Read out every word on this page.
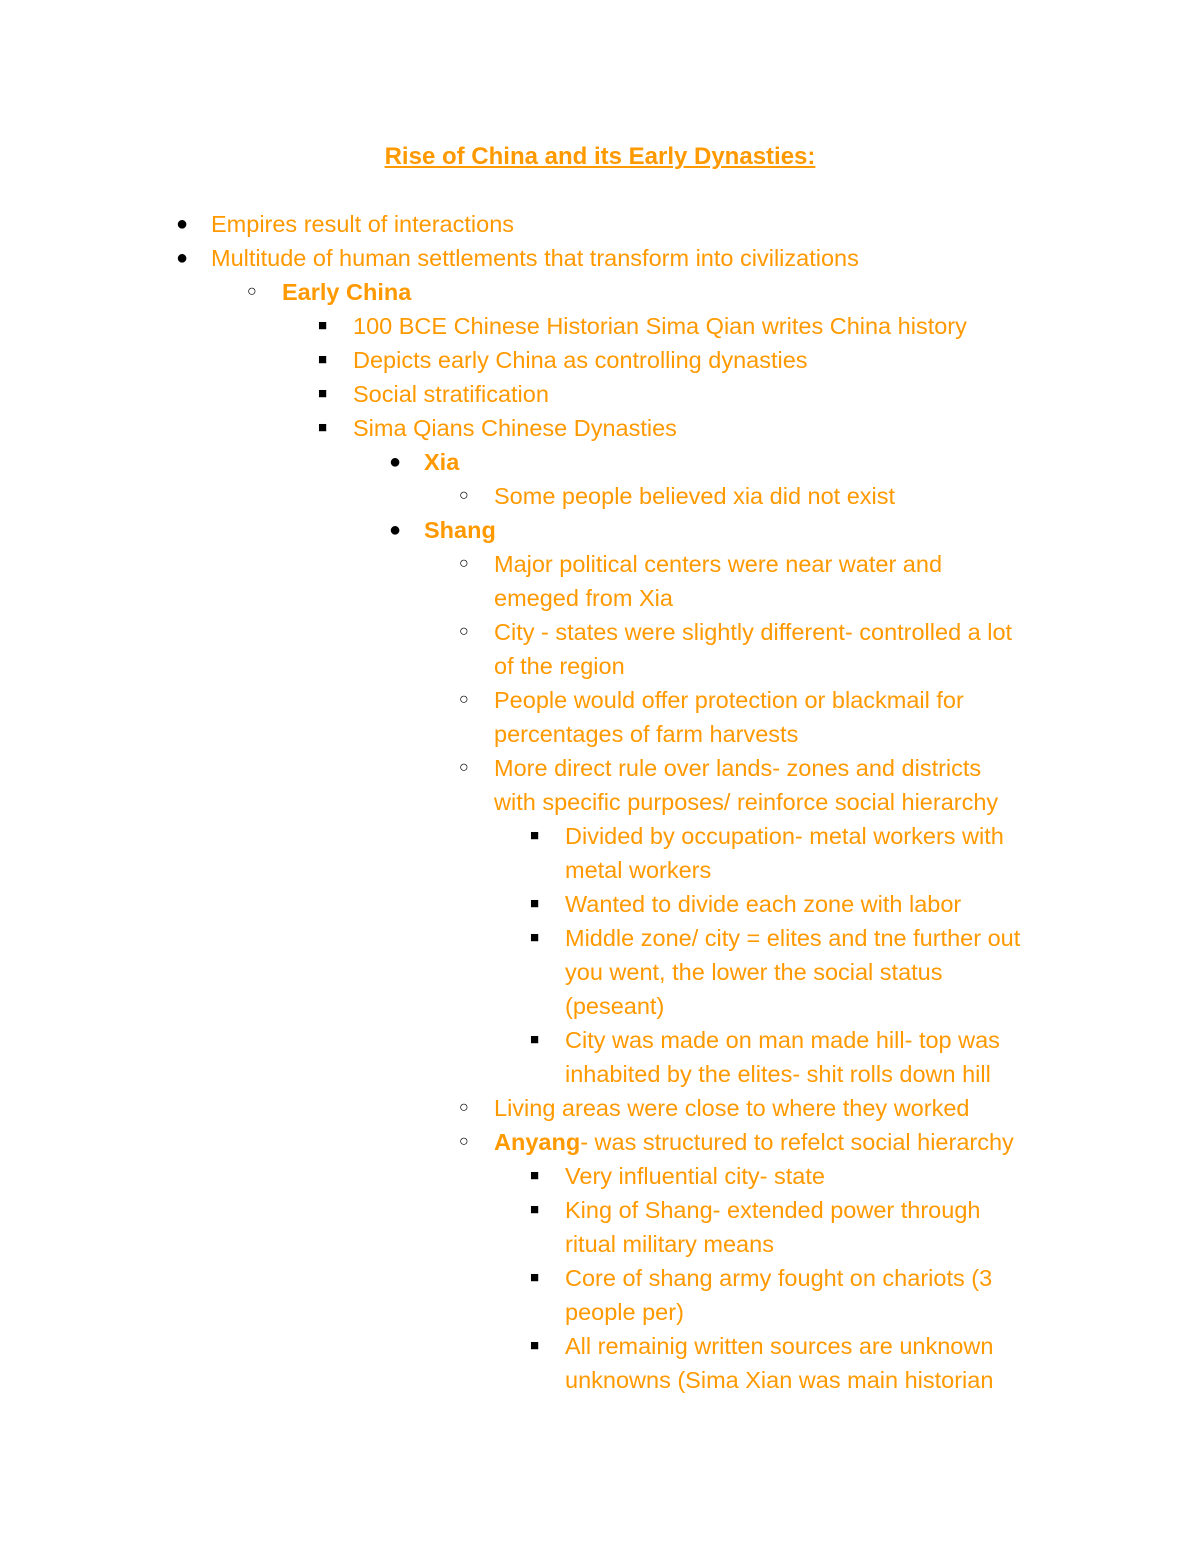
Rise of China and its Early Dynasties:
● Empires result of interactions
● Multitude of human settlements that transform into civilizations
○ Early China
■ 100 BCE Chinese Historian Sima Qian writes China history
■ Depicts early China as controlling dynasties
■ Social stratification
■ Sima Qians Chinese Dynasties
● Xia
○ Some people believed xia did not exist
● Shang
○ Major political centers were near water and
emeged from Xia
○ City - states were slightly different- controlled a lot
of the region
○ People would offer protection or blackmail for
percentages of farm harvests
○ More direct rule over lands- zones and districts
with specific purposes/ reinforce social hierarchy
■ Divided by occupation- metal workers with
metal workers
■ Wanted to divide each zone with labor
■ Middle zone/ city = elites and tne further out
you went, the lower the social status
(peseant)
■ City was made on man made hill- top was
inhabited by the elites- shit rolls down hill
○ Living areas were close to where they worked
○ Anyang- was structured to refelct social hierarchy
■ Very influential city- state
■ King of Shang- extended power through
ritual military means
■ Core of shang army fought on chariots (3
people per)
■ All remainig written sources are unknown
unknowns (Sima Xian was main historian
